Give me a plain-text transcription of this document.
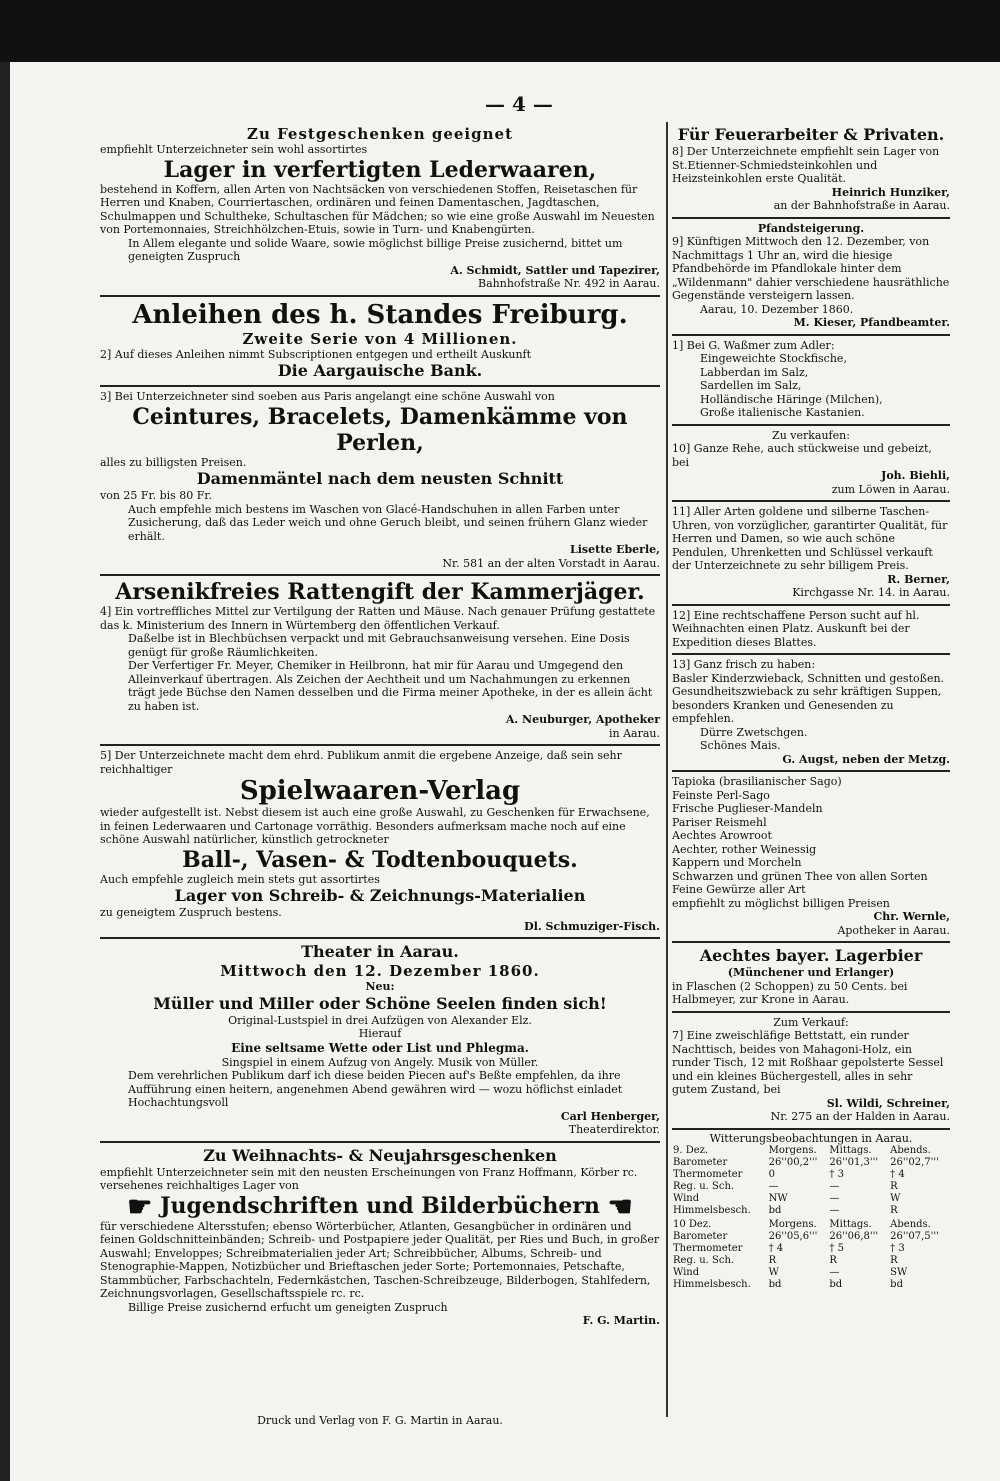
— 4 —

Zu Festgeschenken geeignet

empfiehlt Unterzeichneter sein wohl assortirtes

Lager in verfertigten Lederwaaren,

bestehend in Koffern, allen Arten von Nachtsäcken von verschiedenen Stoffen, Reisetaschen für Herren und Knaben, Courriertaschen, ordinären und feinen Damentaschen, Jagdtaschen, Schulmappen und Schultheke, Schultaschen für Mädchen; so wie eine große Auswahl im Neuesten von Portemonnaies, Streichhölzchen-Etuis, sowie in Turn- und Knabengürten.

In Allem elegante und solide Waare, sowie möglichst billige Preise zusichernd, bittet um geneigten Zuspruch

A. Schmidt, Sattler und Tapezirer,

Bahnhofstraße Nr. 492 in Aarau.

Anleihen des h. Standes Freiburg.

Zweite Serie von 4 Millionen.

2] Auf dieses Anleihen nimmt Subscriptionen entgegen und ertheilt Auskunft

Die Aargauische Bank.

3] Bei Unterzeichneter sind soeben aus Paris angelangt eine schöne Auswahl von

Ceintures, Bracelets, Damenkämme von Perlen,

alles zu billigsten Preisen.

Damenmäntel nach dem neusten Schnitt

von 25 Fr. bis 80 Fr.

Auch empfehle mich bestens im Waschen von Glacé-Handschuhen in allen Farben unter Zusicherung, daß das Leder weich und ohne Geruch bleibt, und seinen frühern Glanz wieder erhält.

Lisette Eberle,

Nr. 581 an der alten Vorstadt in Aarau.

Arsenikfreies Rattengift der Kammerjäger.

4] Ein vortreffliches Mittel zur Vertilgung der Ratten und Mäuse. Nach genauer Prüfung gestattete das k. Ministerium des Innern in Würtemberg den öffentlichen Verkauf.

Daßelbe ist in Blechbüchsen verpackt und mit Gebrauchsanweisung versehen. Eine Dosis genügt für große Räumlichkeiten.

Der Verfertiger Fr. Meyer, Chemiker in Heilbronn, hat mir für Aarau und Umgegend den Alleinverkauf übertragen. Als Zeichen der Aechtheit und um Nachahmungen zu erkennen trägt jede Büchse den Namen desselben und die Firma meiner Apotheke, in der es allein ächt zu haben ist.

A. Neuburger, Apotheker

in Aarau.

5] Der Unterzeichnete macht dem ehrd. Publikum anmit die ergebene Anzeige, daß sein sehr reichhaltiger

Spielwaaren-Verlag

wieder aufgestellt ist. Nebst diesem ist auch eine große Auswahl, zu Geschenken für Erwachsene, in feinen Lederwaaren und Cartonage vorräthig. Besonders aufmerksam mache noch auf eine schöne Auswahl natürlicher, künstlich getrockneter

Ball-, Vasen- & Todtenbouquets.

Auch empfehle zugleich mein stets gut assortirtes

Lager von Schreib- & Zeichnungs-Materialien

zu geneigtem Zuspruch bestens.

Dl. Schmuziger-Fisch.

Theater in Aarau.

Mittwoch den 12. Dezember 1860.

Neu:

Müller und Miller oder Schöne Seelen finden sich!

Original-Lustspiel in drei Aufzügen von Alexander Elz.

Hierauf

Eine seltsame Wette oder List und Phlegma.

Singspiel in einem Aufzug von Angely. Musik von Müller.

Dem verehrlichen Publikum darf ich diese beiden Piecen auf's Beßte empfehlen, da ihre Aufführung einen heitern, angenehmen Abend gewähren wird — wozu höflichst einladet

Hochachtungsvoll

Carl Henberger,

Theaterdirektor.

Zu Weihnachts- & Neujahrsgeschenken

empfiehlt Unterzeichneter sein mit den neusten Erscheinungen von Franz Hoffmann, Körber rc. versehenes reichhaltiges Lager von

☛ Jugendschriften und Bilderbüchern ☚

für verschiedene Altersstufen; ebenso Wörterbücher, Atlanten, Gesangbücher in ordinären und feinen Goldschnitteinbänden; Schreib- und Postpapiere jeder Qualität, per Ries und Buch, in großer Auswahl; Enveloppes; Schreibmaterialien jeder Art; Schreibbücher, Albums, Schreib- und Stenographie-Mappen, Notizbücher und Brieftaschen jeder Sorte; Portemonnaies, Petschafte, Stammbücher, Farbschachteln, Federnkästchen, Taschen-Schreibzeuge, Bilderbogen, Stahlfedern, Zeichnungsvorlagen, Gesellschaftsspiele rc. rc.

Billige Preise zusichernd erfucht um geneigten Zuspruch

F. G. Martin.

Für Feuerarbeiter & Privaten.

8] Der Unterzeichnete empfiehlt sein Lager von St.Etienner-Schmiedsteinkohlen und Heizsteinkohlen erste Qualität.

Heinrich Hunziker,

an der Bahnhofstraße in Aarau.

Pfandsteigerung.

9] Künftigen Mittwoch den 12. Dezember, von Nachmittags 1 Uhr an, wird die hiesige Pfandbehörde im Pfandlokale hinter dem „Wildenmann" dahier verschiedene hausräthliche Gegenstände versteigern lassen.

Aarau, 10. Dezember 1860.

M. Kieser, Pfandbeamter.

1] Bei G. Waßmer zum Adler:

Eingeweichte Stockfische,

Labberdan im Salz,

Sardellen im Salz,

Holländische Häringe (Milchen),

Große italienische Kastanien.

Zu verkaufen:

10] Ganze Rehe, auch stückweise und gebeizt, bei

Joh. Biehli,

zum Löwen in Aarau.

11] Aller Arten goldene und silberne Taschen-Uhren, von vorzüglicher, garantirter Qualität, für Herren und Damen, so wie auch schöne Pendulen, Uhrenketten und Schlüssel verkauft der Unterzeichnete zu sehr billigem Preis.

R. Berner,

Kirchgasse Nr. 14. in Aarau.

12] Eine rechtschaffene Person sucht auf hl. Weihnachten einen Platz. Auskunft bei der Expedition dieses Blattes.

13] Ganz frisch zu haben:

Basler Kinderzwieback, Schnitten und gestoßen.

Gesundheitszwieback zu sehr kräftigen Suppen, besonders Kranken und Genesenden zu empfehlen.

Dürre Zwetschgen.

Schönes Mais.

G. Augst, neben der Metzg.

Tapioka (brasilianischer Sago)

Feinste Perl-Sago

Frische Puglieser-Mandeln

Pariser Reismehl

Aechtes Arowroot

Aechter, rother Weinessig

Kappern und Morcheln

Schwarzen und grünen Thee von allen Sorten

Feine Gewürze aller Art

empfiehlt zu möglichst billigen Preisen

Chr. Wernle,

Apotheker in Aarau.

Aechtes bayer. Lagerbier

(Münchener und Erlanger)

in Flaschen (2 Schoppen) zu 50 Cents. bei Halbmeyer, zur Krone in Aarau.

Zum Verkauf:

7] Eine zweischläfige Bettstatt, ein runder Nachttisch, beides von Mahagoni-Holz, ein runder Tisch, 12 mit Roßhaar gepolsterte Sessel und ein kleines Büchergestell, alles in sehr gutem Zustand, bei

Sl. Wildi, Schreiner,

Nr. 275 an der Halden in Aarau.

Witterungsbeobachtungen in Aarau.

9. Dez.	Morgens.	Mittags.	Abends.
Barometer	26''00,2'''	26''01,3'''	26''02,7'''
Thermometer	0	† 3	† 4
Reg. u. Sch.	—	—	R
Wind	NW	—	W
Himmelsbesch.	bd	—	R
10 Dez.	Morgens.	Mittags.	Abends.
Barometer	26''05,6'''	26''06,8'''	26''07,5'''
Thermometer	† 4	† 5	† 3
Reg. u. Sch.	R	R	R
Wind	W	—	SW
Himmelsbesch.	bd	bd	bd
Druck und Verlag von F. G. Martin in Aarau.
